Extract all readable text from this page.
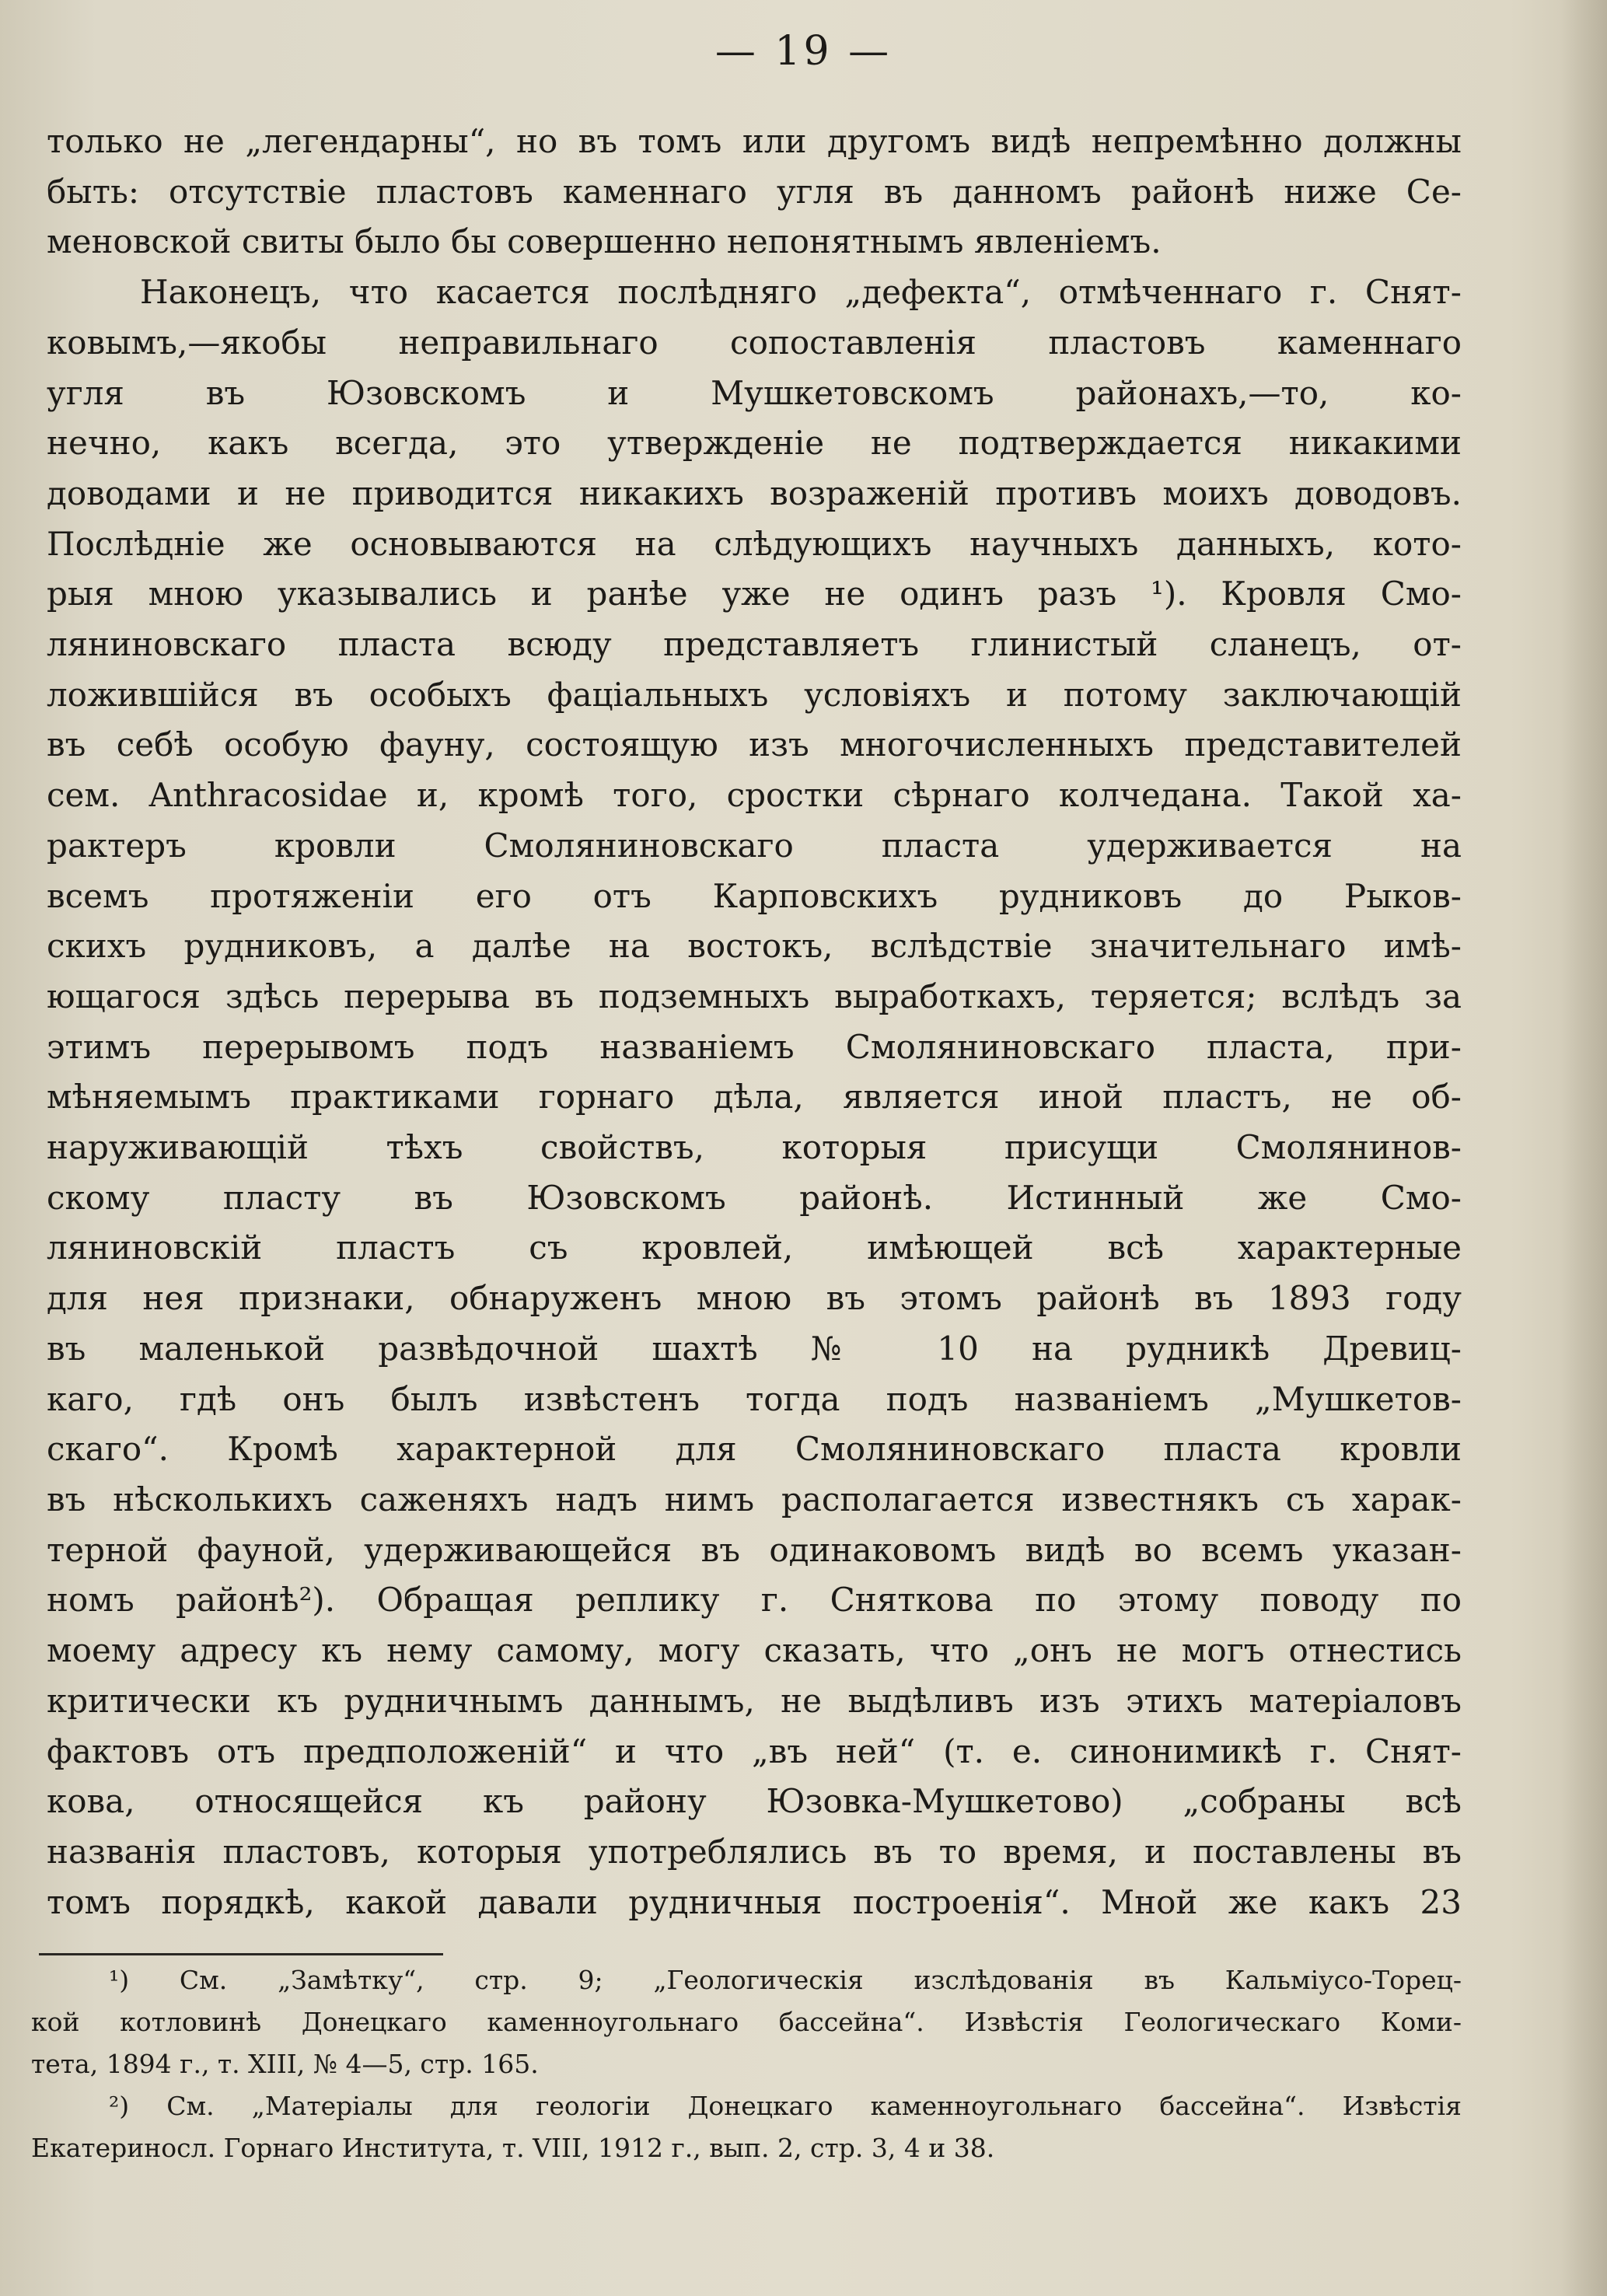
— 19 —
только не „легендарны“, но въ томъ или другомъ видѣ непремѣнно должны
быть: отсутствіе пластовъ каменнаго угля въ данномъ районѣ ниже Се-
меновской свиты было бы совершенно непонятнымъ явленіемъ.
Наконецъ, что касается послѣдняго „дефекта“, отмѣченнаго г. Снят-
ковымъ,—якобы неправильнаго сопоставленія пластовъ каменнаго
угля въ Юзовскомъ и Мушкетовскомъ районахъ,—то, ко-
нечно, какъ всегда, это утвержденіе не подтверждается никакими
доводами и не приводится никакихъ возраженій противъ моихъ доводовъ.
Послѣдніе же основываются на слѣдующихъ научныхъ данныхъ, кото-
рыя мною указывались и ранѣе уже не одинъ разъ ¹). Кровля Смо-
ляниновскаго пласта всюду представляетъ глинистый сланецъ, от-
ложившійся въ особыхъ фаціальныхъ условіяхъ и потому заключающій
въ себѣ особую фауну, состоящую изъ многочисленныхъ представителей
сем. Anthracosidae и, кромѣ того, сростки сѣрнаго колчедана. Такой ха-
рактеръ кровли Смоляниновскаго пласта удерживается на
всемъ протяженіи его отъ Карповскихъ рудниковъ до Рыков-
скихъ рудниковъ, а далѣе на востокъ, вслѣдствіе значительнаго имѣ-
ющагося здѣсь перерыва въ подземныхъ выработкахъ, теряется; вслѣдъ за
этимъ перерывомъ подъ названіемъ Смоляниновскаго пласта, при-
мѣняемымъ практиками горнаго дѣла, является иной пластъ, не об-
наруживающій тѣхъ свойствъ, которыя присущи Смолянинов-
скому пласту въ Юзовскомъ районѣ. Истинный же Смо-
ляниновскій пластъ съ кровлей, имѣющей всѣ характерные
для нея признаки, обнаруженъ мною въ этомъ районѣ въ 1893 году
въ маленькой развѣдочной шахтѣ № 10 на рудникѣ Древиц-
каго, гдѣ онъ былъ извѣстенъ тогда подъ названіемъ „Мушкетов-
скаго“. Кромѣ характерной для Смоляниновскаго пласта кровли
въ нѣсколькихъ саженяхъ надъ нимъ располагается известнякъ съ харак-
терной фауной, удерживающейся въ одинаковомъ видѣ во всемъ указан-
номъ районѣ²). Обращая реплику г. Сняткова по этому поводу по
моему адресу къ нему самому, могу сказать, что „онъ не могъ отнестись
критически къ рудничнымъ даннымъ, не выдѣливъ изъ этихъ матеріаловъ
фактовъ отъ предположеній“ и что „въ ней“ (т. е. синонимикѣ г. Снят-
кова, относящейся къ району Юзовка-Мушкетово) „собраны всѣ
названія пластовъ, которыя употреблялись въ то время, и поставлены въ
томъ порядкѣ, какой давали рудничныя построенія“. Мной же какъ 23
¹) См. „Замѣтку“, стр. 9; „Геологическія изслѣдованія въ Кальміусо-Торец-
кой котловинѣ Донецкаго каменноугольнаго бассейна“. Извѣстія Геологическаго Коми-
тета, 1894 г., т. XIII, № 4—5, стр. 165.
²) См. „Матеріалы для геологіи Донецкаго каменноугольнаго бассейна“. Извѣстія
Екатериносл. Горнаго Института, т. VIII, 1912 г., вып. 2, стр. 3, 4 и 38.
